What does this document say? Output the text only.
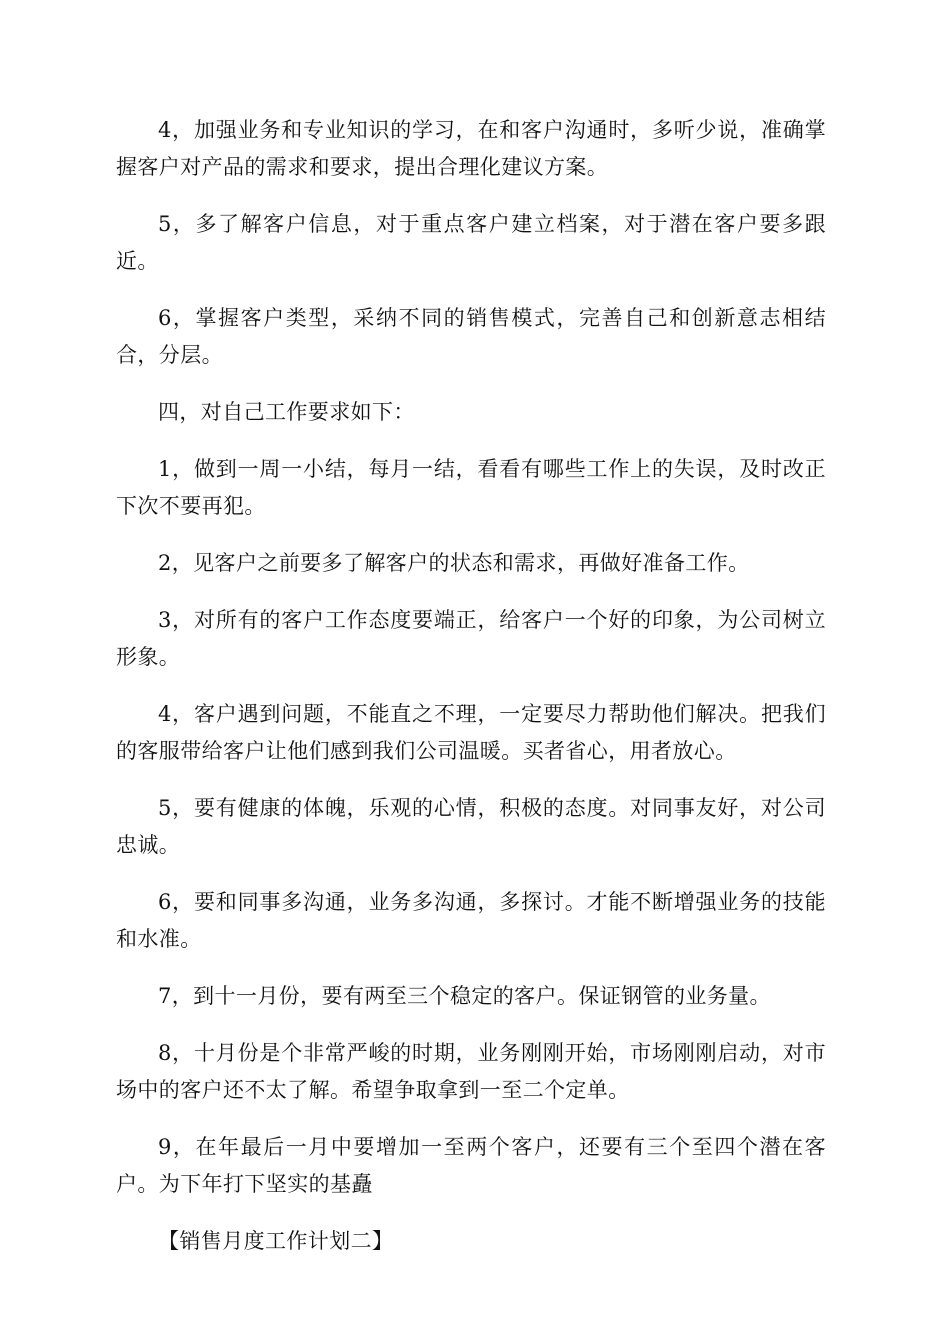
4，加强业务和专业知识的学习，在和客户沟通时，多听少说，准确掌握客户对产品的需求和要求，提出合理化建议方案。

5，多了解客户信息，对于重点客户建立档案，对于潜在客户要多跟近。

6，掌握客户类型，采纳不同的销售模式，完善自己和创新意志相结合，分层。

四，对自己工作要求如下：

1，做到一周一小结，每月一结，看看有哪些工作上的失误，及时改正下次不要再犯。

2，见客户之前要多了解客户的状态和需求，再做好准备工作。

3，对所有的客户工作态度要端正，给客户一个好的印象，为公司树立形象。

4，客户遇到问题，不能直之不理，一定要尽力帮助他们解决。把我们的客服带给客户让他们感到我们公司温暖。买者省心，用者放心。

5，要有健康的体魄，乐观的心情，积极的态度。对同事友好，对公司忠诚。

6，要和同事多沟通，业务多沟通，多探讨。才能不断增强业务的技能和水准。

7，到十一月份，要有两至三个稳定的客户。保证钢管的业务量。

8，十月份是个非常严峻的时期，业务刚刚开始，市场刚刚启动，对市场中的客户还不太了解。希望争取拿到一至二个定单。

9，在年最后一月中要增加一至两个客户，还要有三个至四个潜在客户。为下年打下坚实的基矗

【销售月度工作计划二】
